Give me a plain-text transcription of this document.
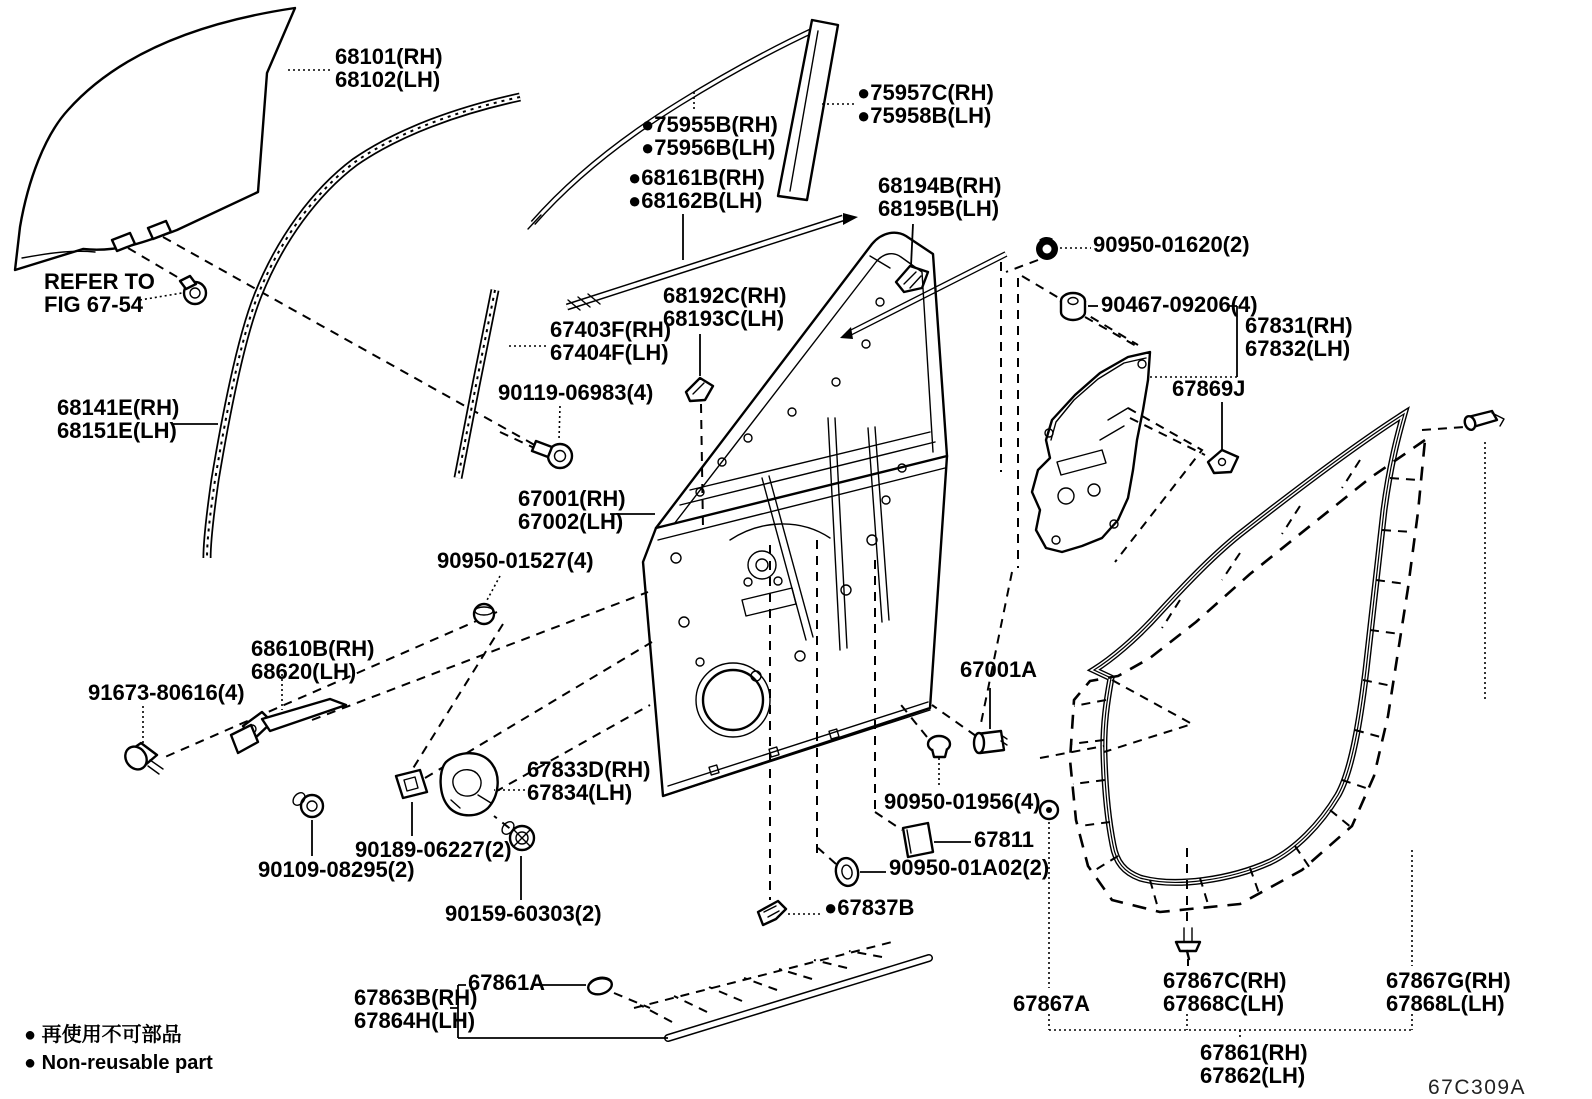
68101(RH)
68102(LH)
REFER TO
FIG 67-54
●75955B(RH)
●75956B(LH)
●68161B(RH)
●68162B(LH)
●75957C(RH)
●75958B(LH)
68194B(RH)
68195B(LH)
90950-01620(2)
90467-09206(4)
67831(RH)
67832(LH)
67869J
68192C(RH)
68193C(LH)
67403F(RH)
67404F(LH)
90119-06983(4)
68141E(RH)
68151E(LH)
67001(RH)
67002(LH)
90950-01527(4)
68610B(RH)
68620(LH)
91673-80616(4)
67001A
67833D(RH)
67834(LH)	90950-01956(4)
67811
90189-06227(2)
90109-08295(2)	90950-01A02(2)
90159-60303(2)	●67837B
67861A
67863B(RH)
67864H(LH)
67867A
67867C(RH)
67868C(LH)
67867G(RH)
67868L(LH)
67861(RH)
67862(LH)
● 再使用不可部品
● Non-reusable part
67C309A
